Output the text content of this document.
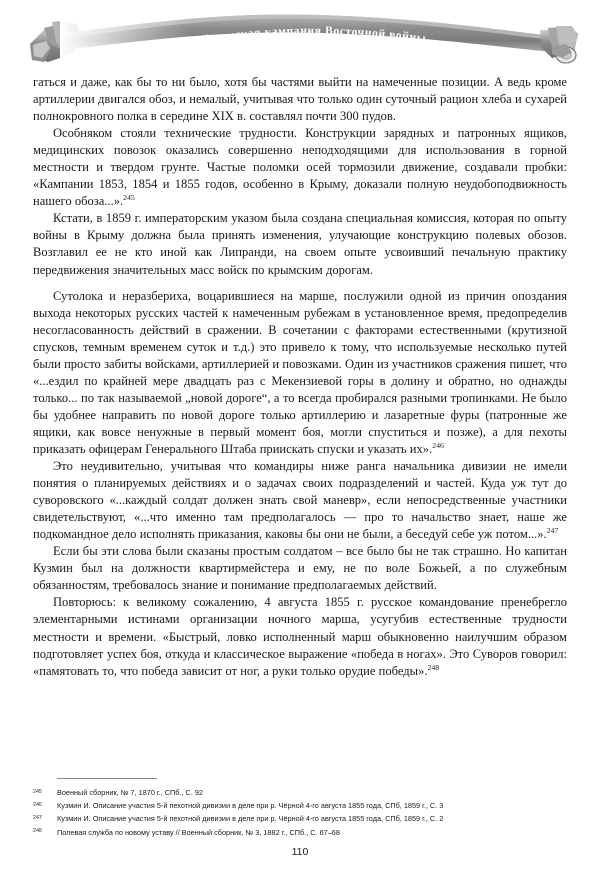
Крымская кампания Восточной войны

гаться и даже, как бы то ни было, хотя бы частями выйти на намеченные позиции. А ведь кроме артиллерии двигался обоз, и немалый, учитывая что только один суточный рацион хлеба и сухарей полнокровного полка в середине XIX в. составлял почти 300 пудов.

Особняком стояли технические трудности. Конструкции зарядных и патронных ящиков, медицинских повозок оказались совершенно неподходящими для использования в горной местности и твердом грунте. Частые поломки осей тормозили движение, создавали пробки: «Кампании 1853, 1854 и 1855 годов, особенно в Крыму, доказали полную неудобоподвижность нашего обоза...».$^{245}$

Кстати, в 1859 г. императорским указом была создана специальная комиссия, которая по опыту войны в Крыму должна была принять изменения, улучающие конструкцию полевых обозов. Возглавил ее не кто иной как Липранди, на своем опыте усвоивший печальную практику передвижения значительных масс войск по крымским дорогам.

Сутолока и неразбериха, воцарившиеся на марше, послужили одной из причин опоздания выхода некоторых русских частей к намеченным рубежам в установленное время, предопределив несогласованность действий в сражении. В сочетании с факторами естественными (крутизной спусков, темным временем суток и т.д.) это привело к тому, что используемые несколько путей были просто забиты войсками, артиллерией и повозками. Один из участников сражения пишет, что «...ездил по крайней мере двадцать раз с Мекензиевой горы в долину и обратно, но однажды только... по так называемой „новой дороге“, а то всегда пробирался разными тропинками. Не было бы удобнее направить по новой дороге только артиллерию и лазаретные фуры (патронные же ящики, как вовсе ненужные в первый момент боя, могли спуститься и позже), а для пехоты приказать офицерам Генерального Штаба приискать спуски и указать их».$^{246}$

Это неудивительно, учитывая что командиры ниже ранга начальника дивизии не имели понятия о планируемых действиях и о задачах своих подразделений и частей. Куда уж тут до суворовского «...каждый солдат должен знать свой маневр», если непосредственные участники свидетельствуют, «...что именно там предполагалось — про то начальство знает, наше же подкомандное дело исполнять приказания, каковы бы они не были, а беседуй себе уж потом...».$^{247}$

Если бы эти слова были сказаны простым солдатом – все было бы не так страшно. Но капитан Кузмин был на должности квартирмейстера и ему, не по воле Божьей, а по служебным обязанностям, требовалось знание и понимание предполагаемых действий.

Повторюсь: к великому сожалению, 4 августа 1855 г. русское командование пренебрегло элементарными истинами организации ночного марша, усугубив естественные трудности местности и времени. «Быстрый, ловко исполненный марш обыкновенно наилучшим образом подготовляет успех боя, откуда и классическое выражение «победа в ногах». Это Суворов говорил: «памятовать то, что победа зависит от ног, а руки только орудие победы».$^{248}$

245	Военный сборник, № 7, 1870 г., СПб., С. 92
246	Кузмин И. Описание участия 5-й пехотной дивизии в деле при р. Чёрной 4-го августа 1855 года, СПб, 1859 г., С. 3
247	Кузмин И. Описание участия 5-й пехотной дивизии в деле при р. Чёрной 4-го августа 1855 года, СПб, 1859 г., С. 2
248	Полевая служба по новому уставу // Военный сборник, № 3, 1882 г., СПб., С. 67–68
110
